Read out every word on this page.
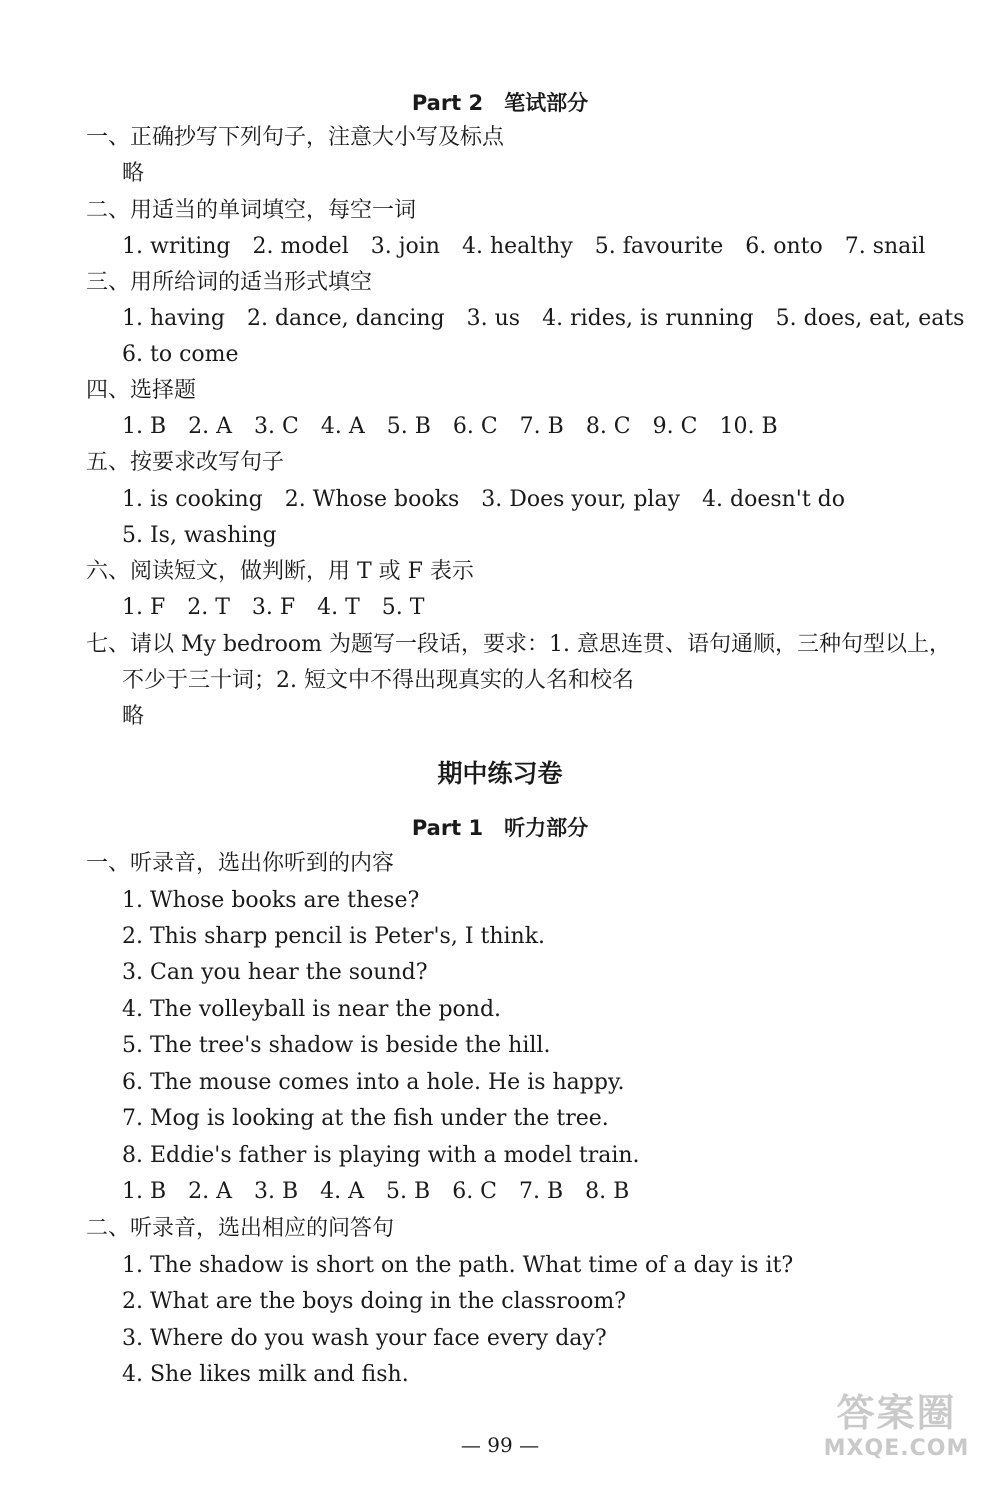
Part 2　笔试部分
一、正确抄写下列句子，注意大小写及标点
略
二、用适当的单词填空，每空一词
1. writing　2. model　3. join　4. healthy　5. favourite　6. onto　7. snail
三、用所给词的适当形式填空
1. having　2. dance, dancing　3. us　4. rides, is running　5. does, eat, eats
6. to come
四、选择题
1. B　2. A　3. C　4. A　5. B　6. C　7. B　8. C　9. C　10. B
五、按要求改写句子
1. is cooking　2. Whose books　3. Does your, play　4. doesn't do
5. Is, washing
六、阅读短文，做判断，用 T 或 F 表示
1. F　2. T　3. F　4. T　5. T
七、请以 My bedroom 为题写一段话，要求：1. 意思连贯、语句通顺，三种句型以上，
不少于三十词；2. 短文中不得出现真实的人名和校名
略
期中练习卷
Part 1　听力部分
一、听录音，选出你听到的内容
1. Whose books are these?
2. This sharp pencil is Peter's, I think.
3. Can you hear the sound?
4. The volleyball is near the pond.
5. The tree's shadow is beside the hill.
6. The mouse comes into a hole. He is happy.
7. Mog is looking at the fish under the tree.
8. Eddie's father is playing with a model train.
1. B　2. A　3. B　4. A　5. B　6. C　7. B　8. B
二、听录音，选出相应的问答句
1. The shadow is short on the path. What time of a day is it?
2. What are the boys doing in the classroom?
3. Where do you wash your face every day?
4. She likes milk and fish.
— 99 —
答案圈
MXQE.COM
